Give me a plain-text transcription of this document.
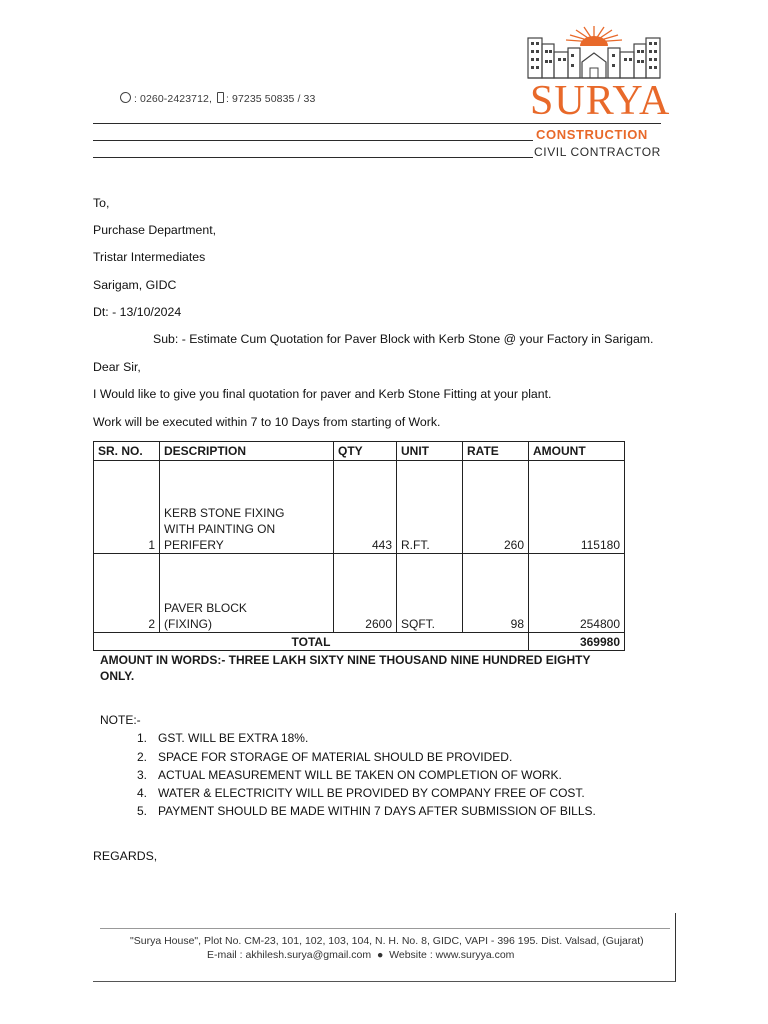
: 0260-2423712, : 97235 50835 / 33	SURYA
CONSTRUCTION
CIVIL CONTRACTOR
To,
Purchase Department,
Tristar Intermediates
Sarigam, GIDC
Dt: - 13/10/2024
Sub: - Estimate Cum Quotation for Paver Block with Kerb Stone @ your Factory in Sarigam.
Dear Sir,
I Would like to give you final quotation for paver and Kerb Stone Fitting at your plant.
Work will be executed within 7 to 10 Days from starting of Work.
SR. NO.	DESCRIPTION	QTY	UNIT	RATE	AMOUNT
1	KERB STONE FIXING
WITH PAINTING ON
PERIFERY	443	R.FT.	260	115180
2	PAVER BLOCK
(FIXING)	2600	SQFT.	98	254800
TOTAL					369980
AMOUNT IN WORDS:- THREE LAKH SIXTY NINE THOUSAND NINE HUNDRED EIGHTY ONLY.
NOTE:-
1. GST. WILL BE EXTRA 18%.
2. SPACE FOR STORAGE OF MATERIAL SHOULD BE PROVIDED.
3. ACTUAL MEASUREMENT WILL BE TAKEN ON COMPLETION OF WORK.
4. WATER & ELECTRICITY WILL BE PROVIDED BY COMPANY FREE OF COST.
5. PAYMENT SHOULD BE MADE WITHIN 7 DAYS AFTER SUBMISSION OF BILLS.
REGARDS,
"Surya House", Plot No. CM-23, 101, 102, 103, 104, N. H. No. 8, GIDC, VAPI - 396 195. Dist. Valsad, (Gujarat)
E-mail : akhilesh.surya@gmail.com ● Website : www.suryya.com
